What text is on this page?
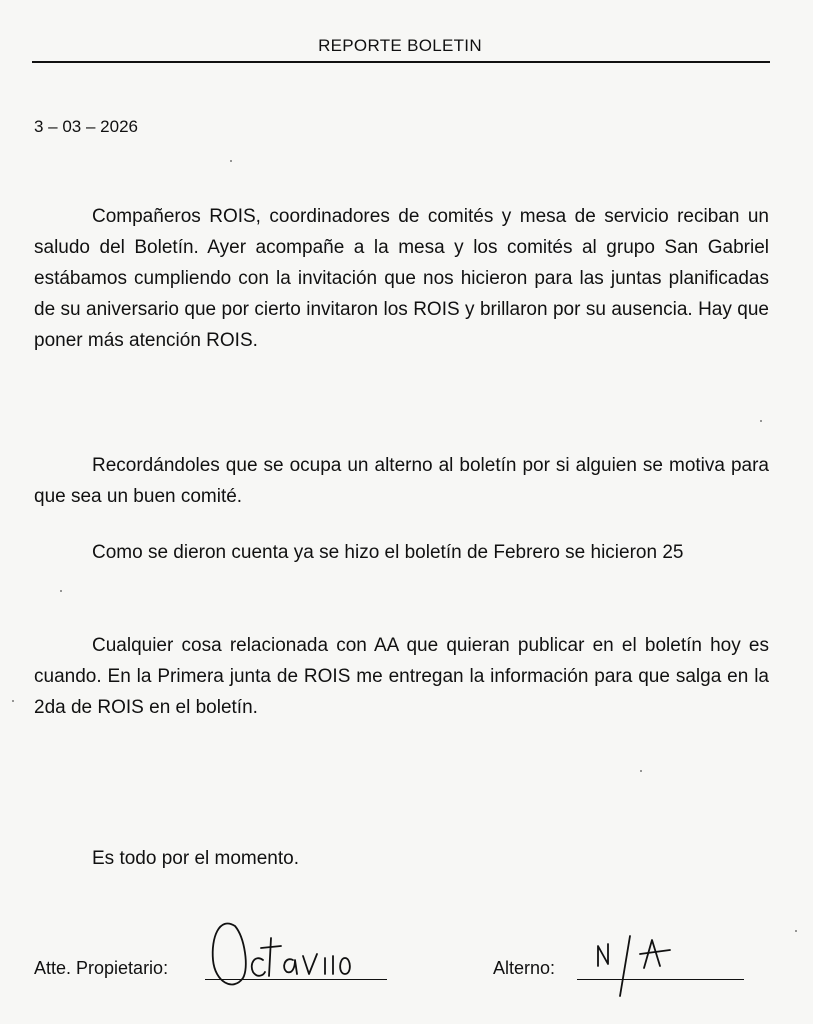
REPORTE BOLETIN
3 – 03 – 2026

Compañeros ROIS, coordinadores de comités y mesa de servicio reciban un saludo del Boletín. Ayer acompañe a la mesa y los comités al grupo San Gabriel estábamos cumpliendo con la invitación que nos hicieron para las juntas planificadas de su aniversario que por cierto invitaron los ROIS y brillaron por su ausencia. Hay que poner más atención ROIS.

Recordándoles que se ocupa un alterno al boletín por si alguien se motiva para que sea un buen comité.

Como se dieron cuenta ya se hizo el boletín de Febrero se hicieron 25

Cualquier cosa relacionada con AA que quieran publicar en el boletín hoy es cuando. En la Primera junta de ROIS me entregan la información para que salga en la 2da de ROIS en el boletín.

Es todo por el momento.
Atte. Propietario:	Alterno:
